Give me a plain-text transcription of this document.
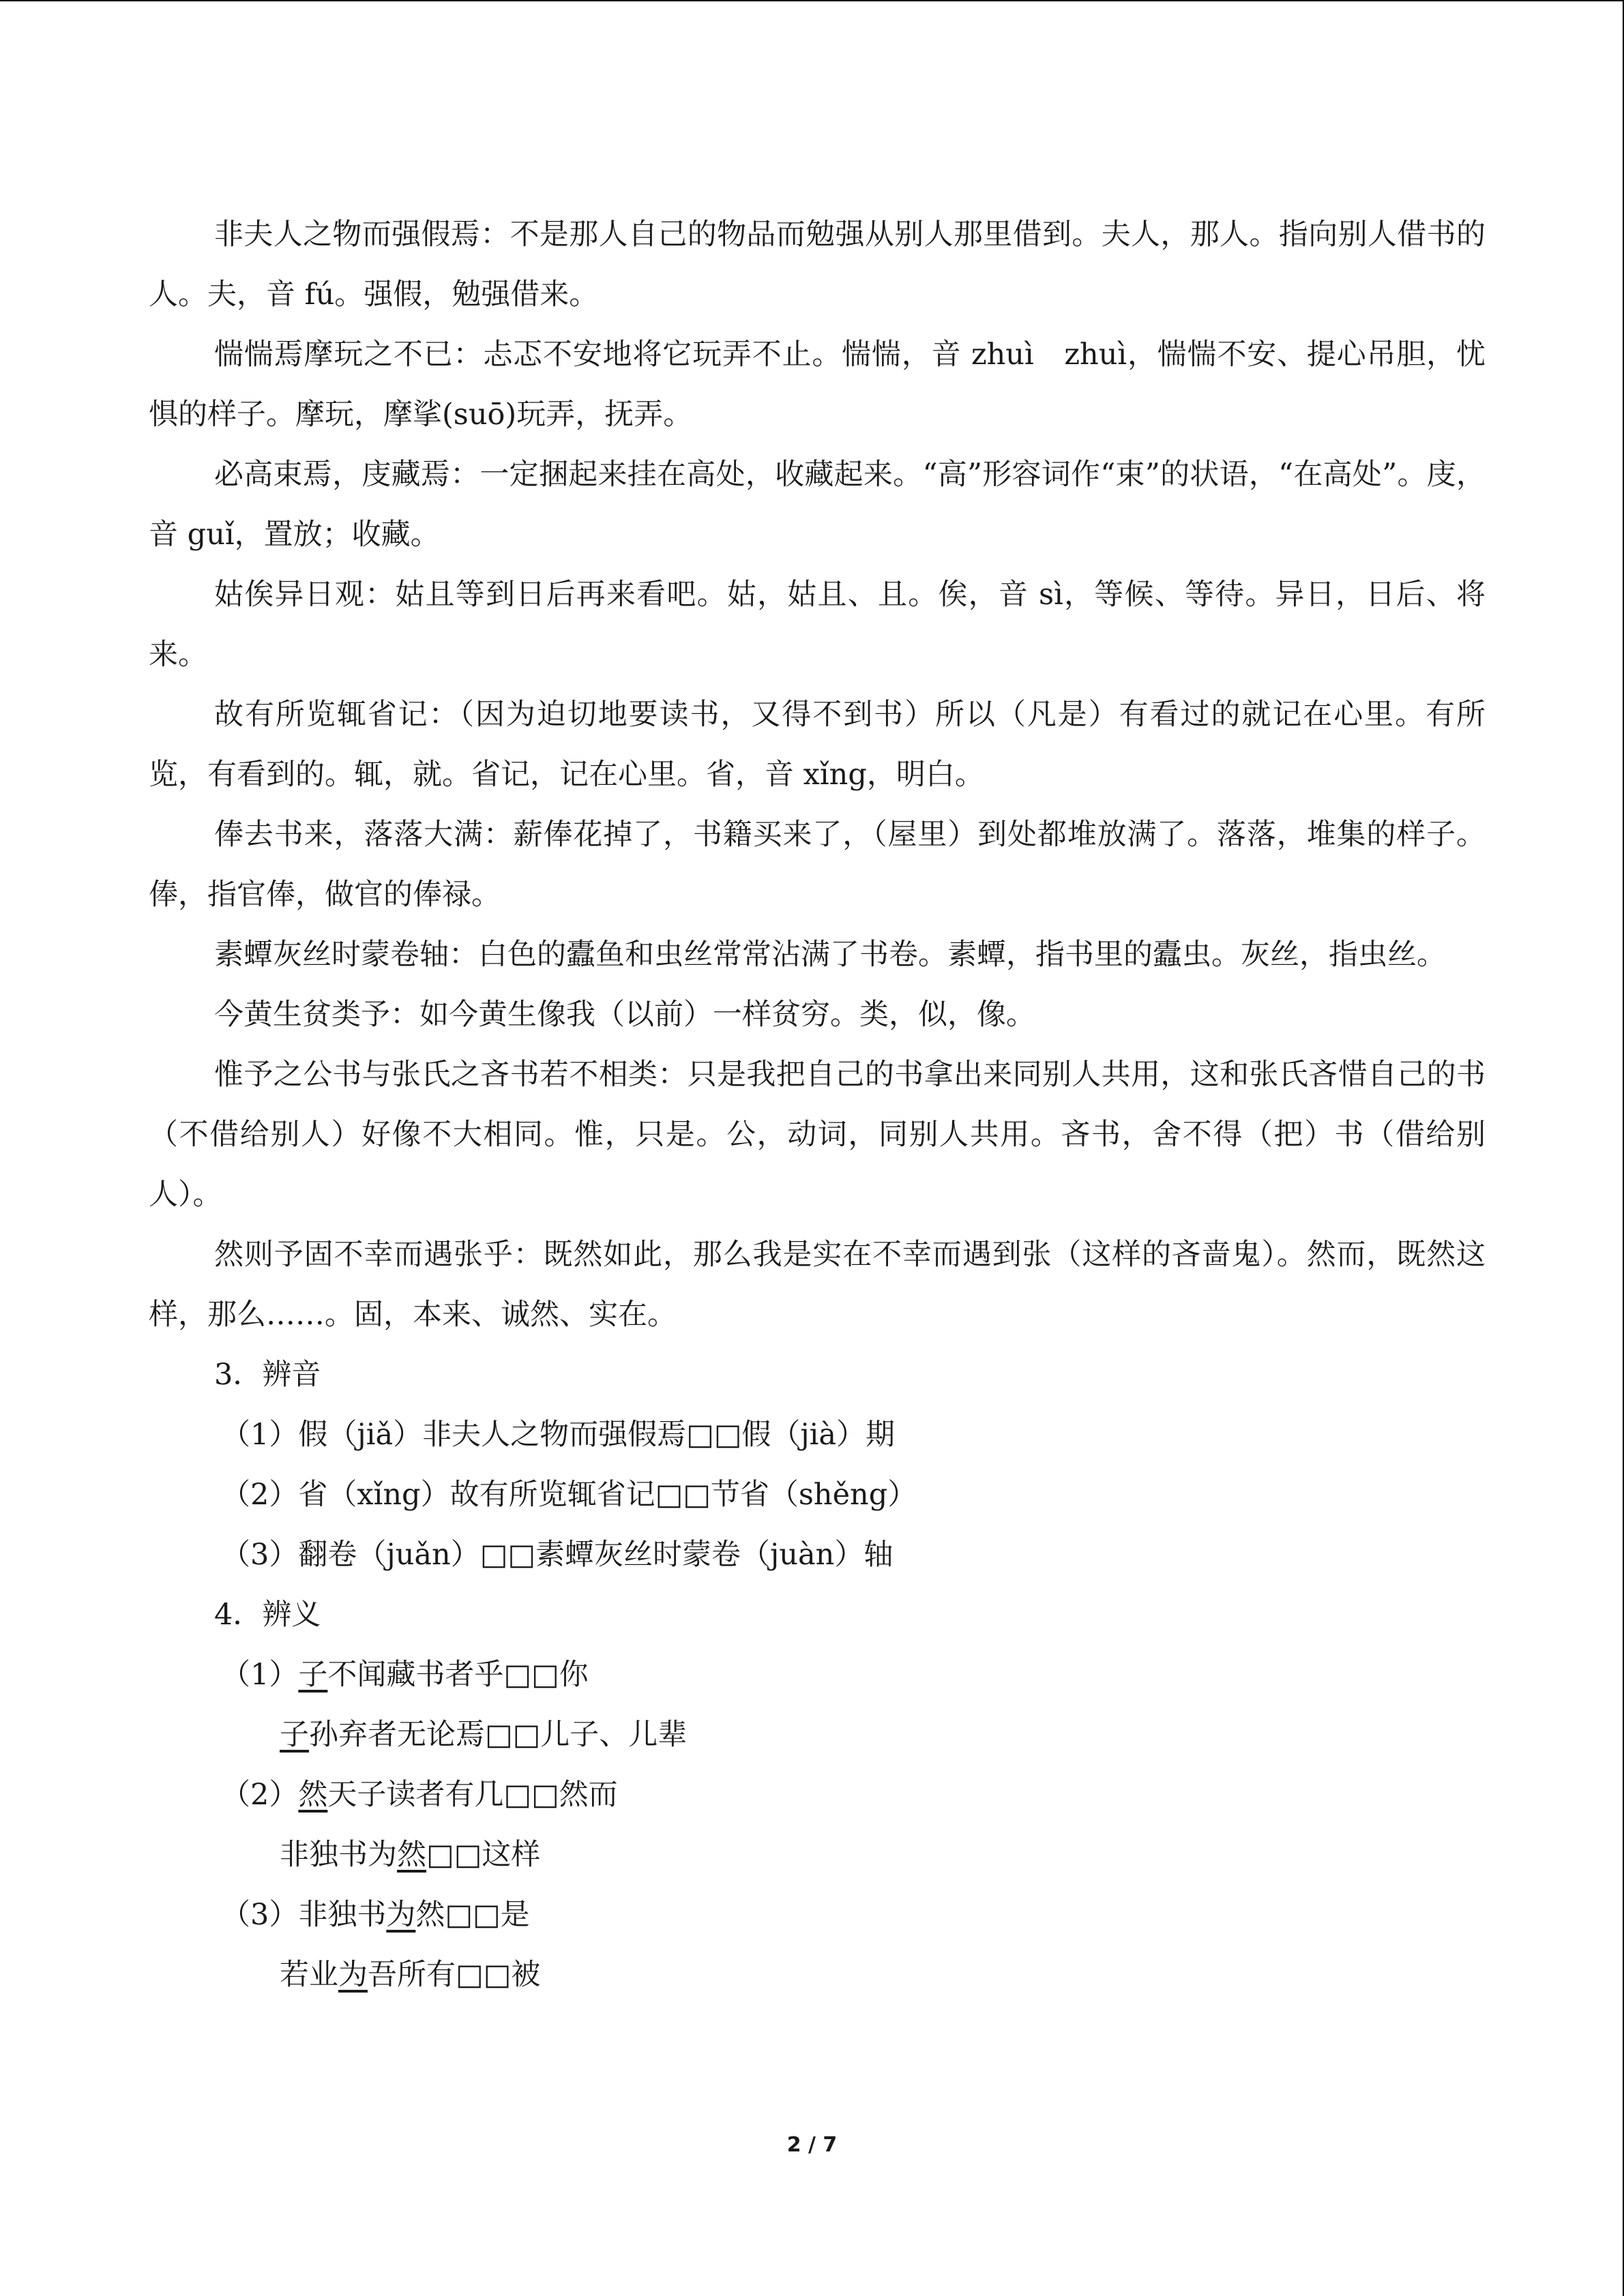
非夫人之物而强假焉：不是那人自己的物品而勉强从别人那里借到。夫人，那人。指向别人借书的人。夫，音 fú。强假，勉强借来。

惴惴焉摩玩之不已：忐忑不安地将它玩弄不止。惴惴，音 zhuì　zhuì，惴惴不安、提心吊胆，忧惧的样子。摩玩，摩挲(suō)玩弄，抚弄。

必高束焉，庋藏焉：一定捆起来挂在高处，收藏起来。“高”形容词作“束”的状语，“在高处”。庋，音 guǐ，置放；收藏。

姑俟异日观：姑且等到日后再来看吧。姑，姑且、且。俟，音 sì，等候、等待。异日，日后、将来。

故有所览辄省记：（因为迫切地要读书，又得不到书）所以（凡是）有看过的就记在心里。有所览，有看到的。辄，就。省记，记在心里。省，音 xǐng，明白。

俸去书来，落落大满：薪俸花掉了，书籍买来了，（屋里）到处都堆放满了。落落，堆集的样子。俸，指官俸，做官的俸禄。

素蟫灰丝时蒙卷轴：白色的蠹鱼和虫丝常常沾满了书卷。素蟫，指书里的蠹虫。灰丝，指虫丝。

今黄生贫类予：如今黄生像我（以前）一样贫穷。类，似，像。

惟予之公书与张氏之吝书若不相类：只是我把自己的书拿出来同别人共用，这和张氏吝惜自己的书（不借给别人）好像不大相同。惟，只是。公，动词，同别人共用。吝书，舍不得（把）书（借给别人）。

然则予固不幸而遇张乎：既然如此，那么我是实在不幸而遇到张（这样的吝啬鬼）。然而，既然这样，那么……。固，本来、诚然、实在。

3．辨音

（1）假（jiǎ）非夫人之物而强假焉□□假（jià）期

（2）省（xǐng）故有所览辄省记□□节省（shěng）

（3）翻卷（juǎn）□□素蟫灰丝时蒙卷（juàn）轴

4．辨义

（1）子不闻藏书者乎□□你

子孙弃者无论焉□□儿子、儿辈

（2）然天子读者有几□□然而

非独书为然□□这样

（3）非独书为然□□是

若业为吾所有□□被

2 / 7
